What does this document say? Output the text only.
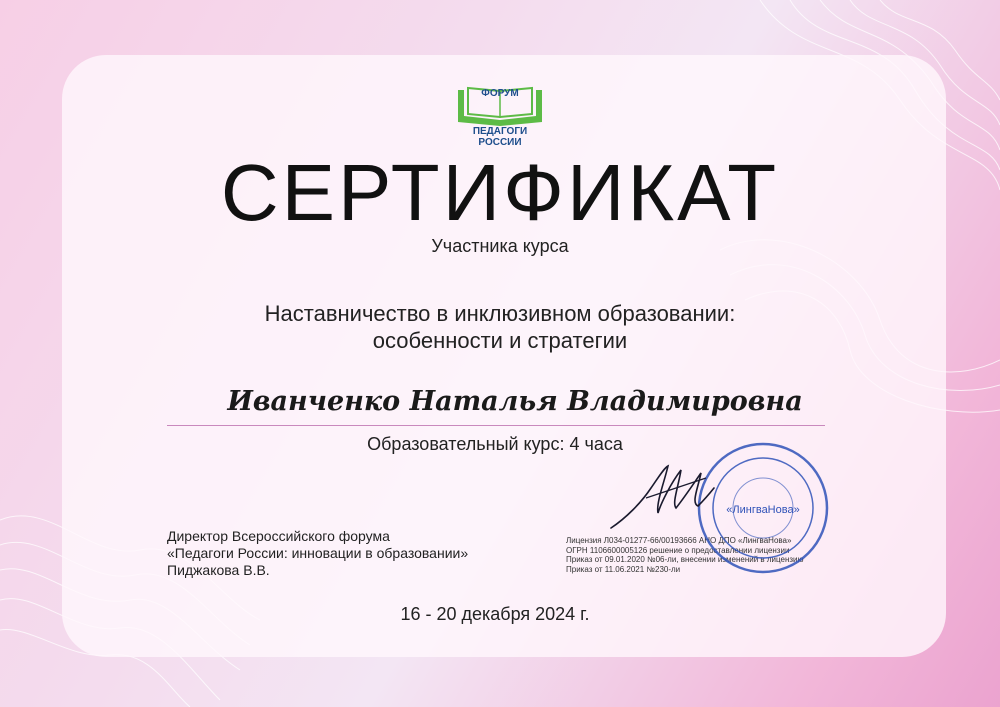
ФОРУМ
ПЕДАГОГИ РОССИИ
СЕРТИФИКАТ
Участника курса
Наставничество в инклюзивном образовании:
особенности и стратегии
Иванченко Наталья Владимировна
Образовательный курс: 4 часа
Директор Всероссийского форума
«Педагоги России: инновации в образовании»
Пиджакова В.В.
Лицензия Л034-01277-66/00193666 АНО ДПО «ЛингваНова»
ОГРН 1106600005126 решение о предоставлении лицензии
Приказ от 09.01.2020 №06-ли, внесении изменений в лицензию
Приказ от 11.06.2021 №230-ли
«ЛингваНова»
16 - 20 декабря 2024 г.
